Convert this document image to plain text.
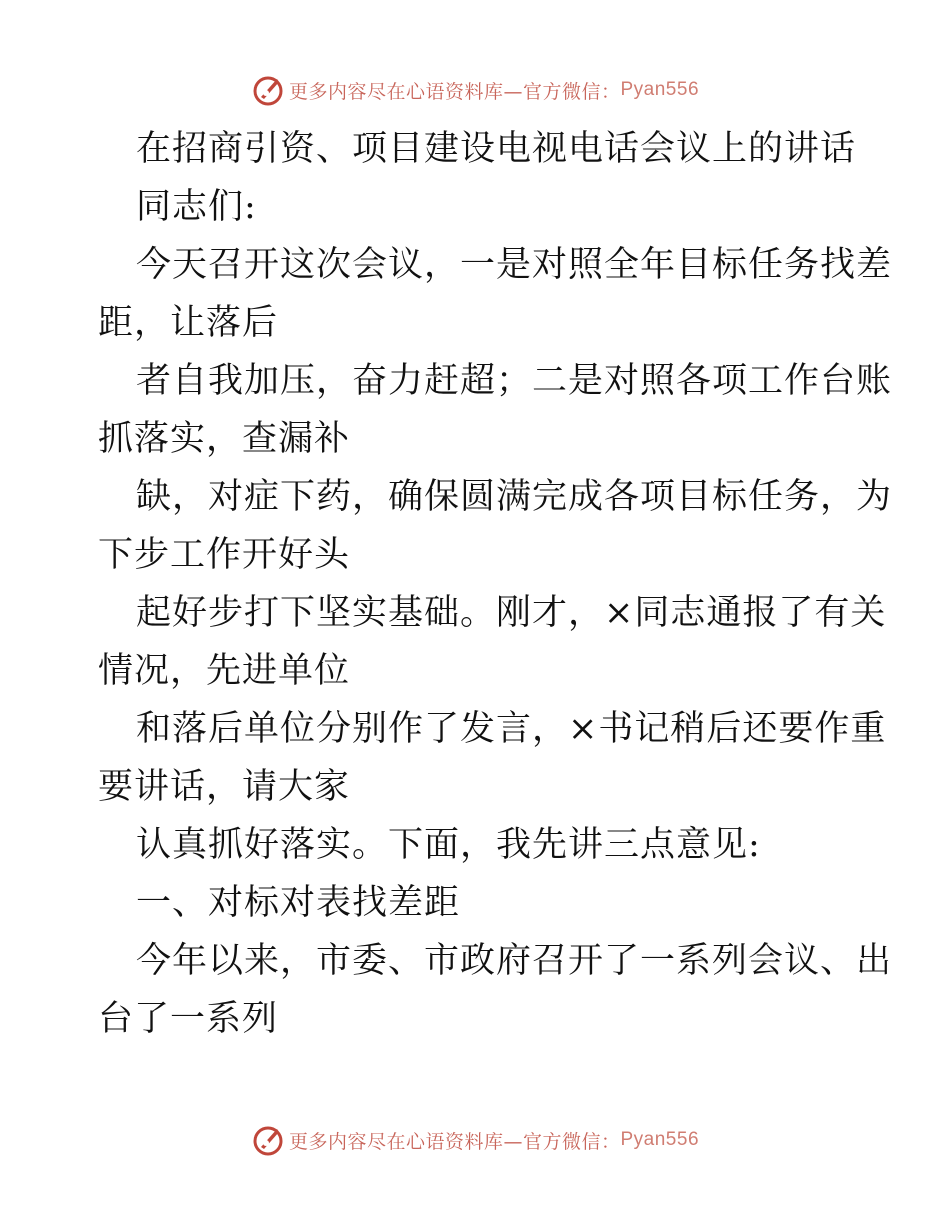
更多内容尽在心语资料库—官方微信： Pyan556
在招商引资、项目建设电视电话会议上的讲话
同志们:
今天召开这次会议，一是对照全年目标任务找差
距，让落后
者自我加压，奋力赶超；二是对照各项工作台账
抓落实，查漏补
缺，对症下药，确保圆满完成各项目标任务，为
下步工作开好头
起好步打下坚实基础。刚才，×同志通报了有关
情况，先进单位
和落后单位分别作了发言，×书记稍后还要作重
要讲话，请大家
认真抓好落实。下面，我先讲三点意见:
一、对标对表找差距
今年以来，市委、市政府召开了一系列会议、出
台了一系列
更多内容尽在心语资料库—官方微信： Pyan556
